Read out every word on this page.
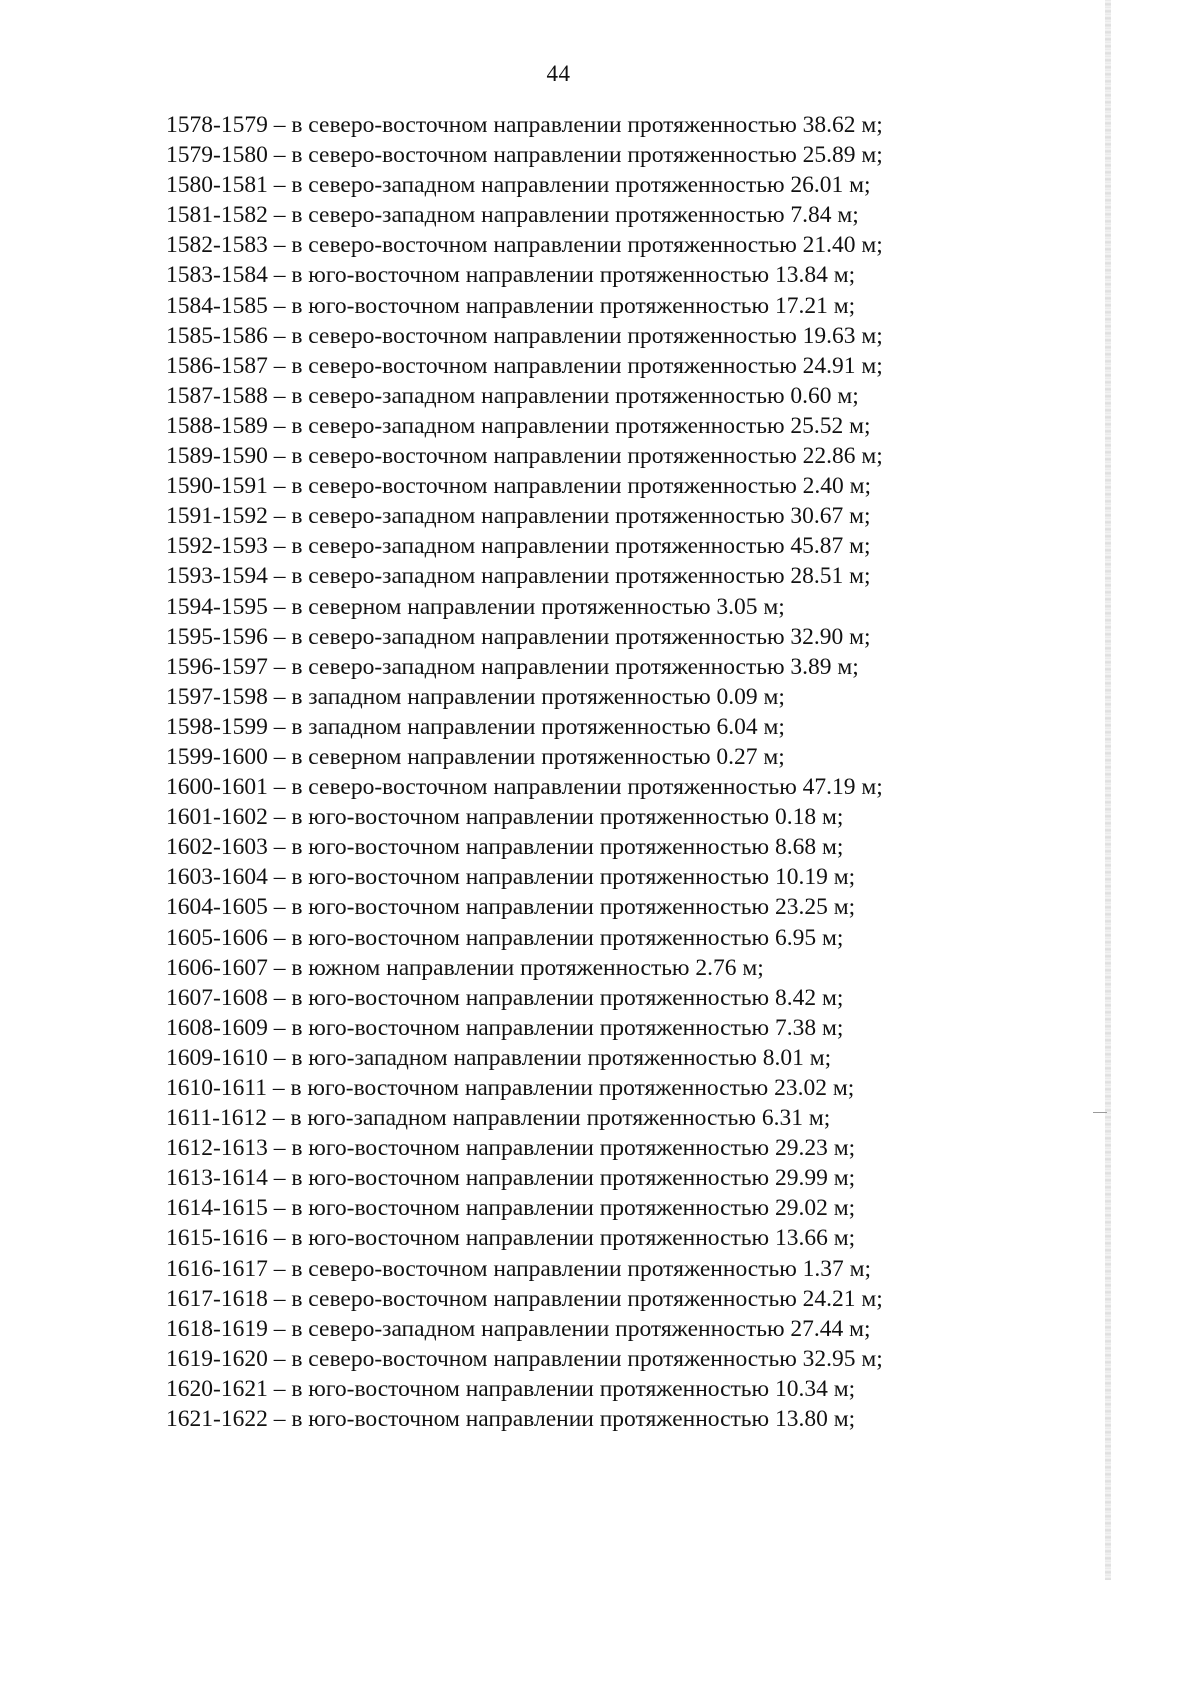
44
1578-1579 – в северо-восточном направлении протяженностью 38.62 м;
1579-1580 – в северо-восточном направлении протяженностью 25.89 м;
1580-1581 – в северо-западном направлении протяженностью 26.01 м;
1581-1582 – в северо-западном направлении протяженностью 7.84 м;
1582-1583 – в северо-восточном направлении протяженностью 21.40 м;
1583-1584 – в юго-восточном направлении протяженностью 13.84 м;
1584-1585 – в юго-восточном направлении протяженностью 17.21 м;
1585-1586 – в северо-восточном направлении протяженностью 19.63 м;
1586-1587 – в северо-восточном направлении протяженностью 24.91 м;
1587-1588 – в северо-западном направлении протяженностью 0.60 м;
1588-1589 – в северо-западном направлении протяженностью 25.52 м;
1589-1590 – в северо-восточном направлении протяженностью 22.86 м;
1590-1591 – в северо-восточном направлении протяженностью 2.40 м;
1591-1592 – в северо-западном направлении протяженностью 30.67 м;
1592-1593 – в северо-западном направлении протяженностью 45.87 м;
1593-1594 – в северо-западном направлении протяженностью 28.51 м;
1594-1595 – в северном направлении протяженностью 3.05 м;
1595-1596 – в северо-западном направлении протяженностью 32.90 м;
1596-1597 – в северо-западном направлении протяженностью 3.89 м;
1597-1598 – в западном направлении протяженностью 0.09 м;
1598-1599 – в западном направлении протяженностью 6.04 м;
1599-1600 – в северном направлении протяженностью 0.27 м;
1600-1601 – в северо-восточном направлении протяженностью 47.19 м;
1601-1602 – в юго-восточном направлении протяженностью 0.18 м;
1602-1603 – в юго-восточном направлении протяженностью 8.68 м;
1603-1604 – в юго-восточном направлении протяженностью 10.19 м;
1604-1605 – в юго-восточном направлении протяженностью 23.25 м;
1605-1606 – в юго-восточном направлении протяженностью 6.95 м;
1606-1607 – в южном направлении протяженностью 2.76 м;
1607-1608 – в юго-восточном направлении протяженностью 8.42 м;
1608-1609 – в юго-восточном направлении протяженностью 7.38 м;
1609-1610 – в юго-западном направлении протяженностью 8.01 м;
1610-1611 – в юго-восточном направлении протяженностью 23.02 м;
1611-1612 – в юго-западном направлении протяженностью 6.31 м;
1612-1613 – в юго-восточном направлении протяженностью 29.23 м;
1613-1614 – в юго-восточном направлении протяженностью 29.99 м;
1614-1615 – в юго-восточном направлении протяженностью 29.02 м;
1615-1616 – в юго-восточном направлении протяженностью 13.66 м;
1616-1617 – в северо-восточном направлении протяженностью 1.37 м;
1617-1618 – в северо-восточном направлении протяженностью 24.21 м;
1618-1619 – в северо-западном направлении протяженностью 27.44 м;
1619-1620 – в северо-восточном направлении протяженностью 32.95 м;
1620-1621 – в юго-восточном направлении протяженностью 10.34 м;
1621-1622 – в юго-восточном направлении протяженностью 13.80 м;
